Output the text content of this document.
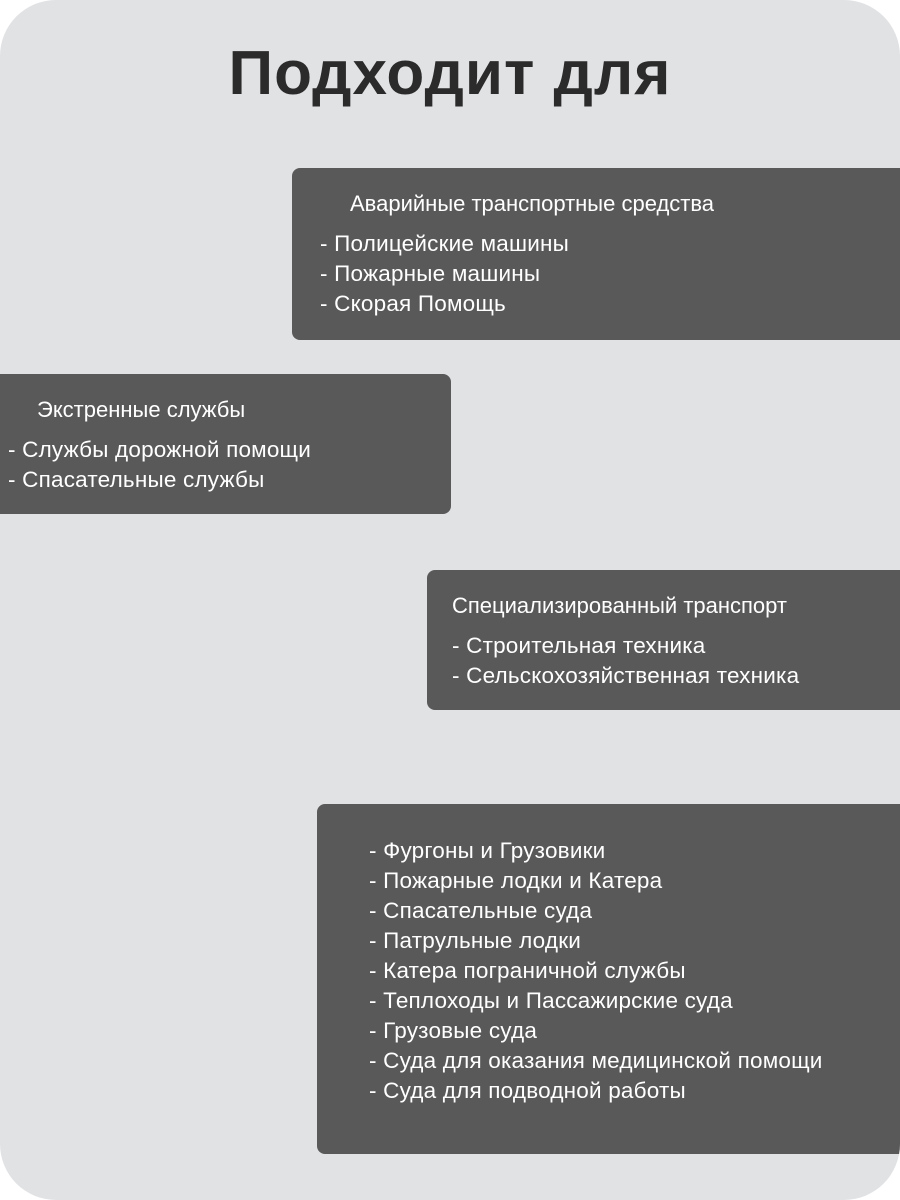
Подходит для
Аварийные транспортные средства
- Полицейские машины
- Пожарные машины
- Скорая Помощь
Экстренные службы
- Службы дорожной помощи
- Спасательные службы
Специализированный транспорт
- Строительная техника
- Сельскохозяйственная техника
- Фургоны и Грузовики
- Пожарные лодки и Катера
- Спасательные суда
- Патрульные лодки
- Катера пограничной службы
- Теплоходы и Пассажирские суда
- Грузовые суда
- Суда для оказания медицинской помощи
- Суда для подводной работы
